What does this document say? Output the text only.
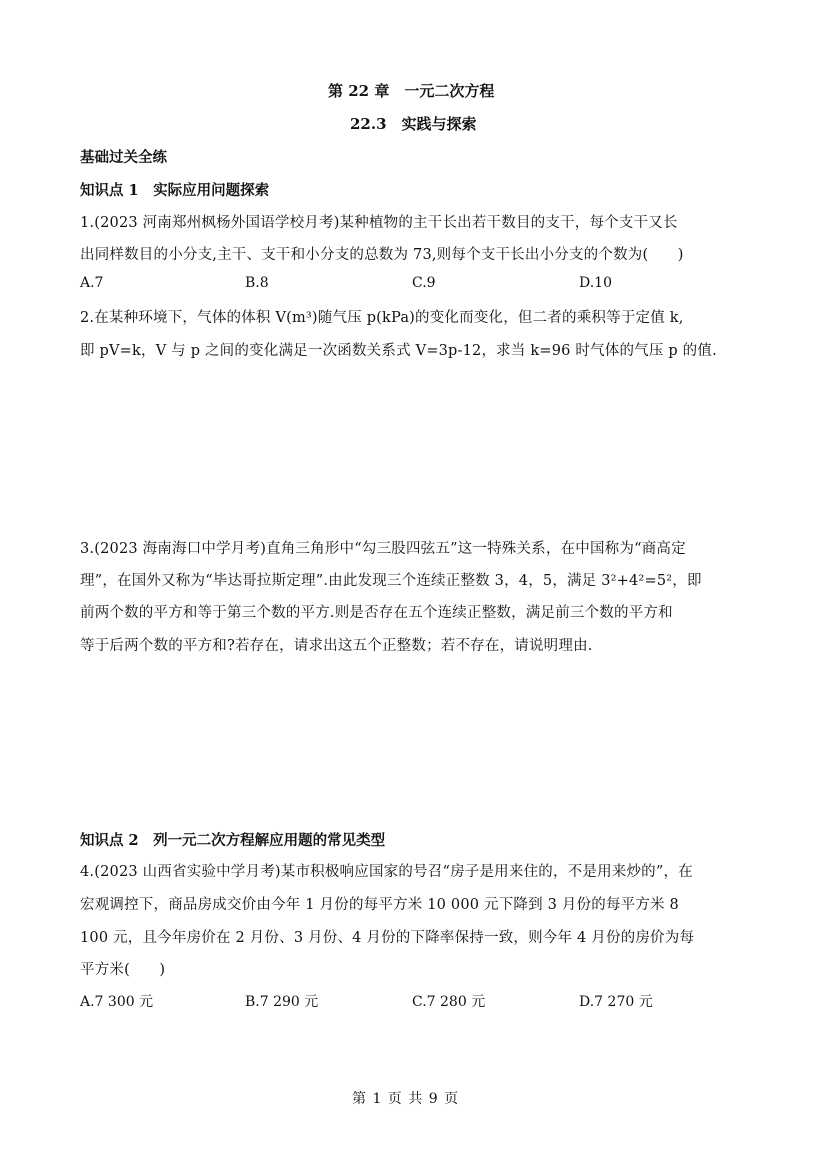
第 22 章　一元二次方程
22.3　实践与探索
基础过关全练
知识点 1　实际应用问题探索
1.(2023 河南郑州枫杨外国语学校月考)某种植物的主干长出若干数目的支干，每个支干又长
出同样数目的小分支,主干、支干和小分支的总数为 73,则每个支干长出小分支的个数为(　　)
A.7	B.8	C.9	D.10
2.在某种环境下，气体的体积 V(m³)随气压 p(kPa)的变化而变化，但二者的乘积等于定值 k,
即 pV=k，V 与 p 之间的变化满足一次函数关系式 V=3p-12，求当 k=96 时气体的气压 p 的值.
3.(2023 海南海口中学月考)直角三角形中“勾三股四弦五”这一特殊关系，在中国称为“商高定
理”，在国外又称为“毕达哥拉斯定理”.由此发现三个连续正整数 3，4，5，满足 3²+4²=5²，即
前两个数的平方和等于第三个数的平方.则是否存在五个连续正整数，满足前三个数的平方和
等于后两个数的平方和?若存在，请求出这五个正整数；若不存在，请说明理由.
知识点 2　列一元二次方程解应用题的常见类型
4.(2023 山西省实验中学月考)某市积极响应国家的号召“房子是用来住的，不是用来炒的”，在
宏观调控下，商品房成交价由今年 1 月份的每平方米 10 000 元下降到 3 月份的每平方米 8
100 元，且今年房价在 2 月份、3 月份、4 月份的下降率保持一致，则今年 4 月份的房价为每
平方米(　　)
A.7 300 元	B.7 290 元	C.7 280 元	D.7 270 元
第 1 页 共 9 页
